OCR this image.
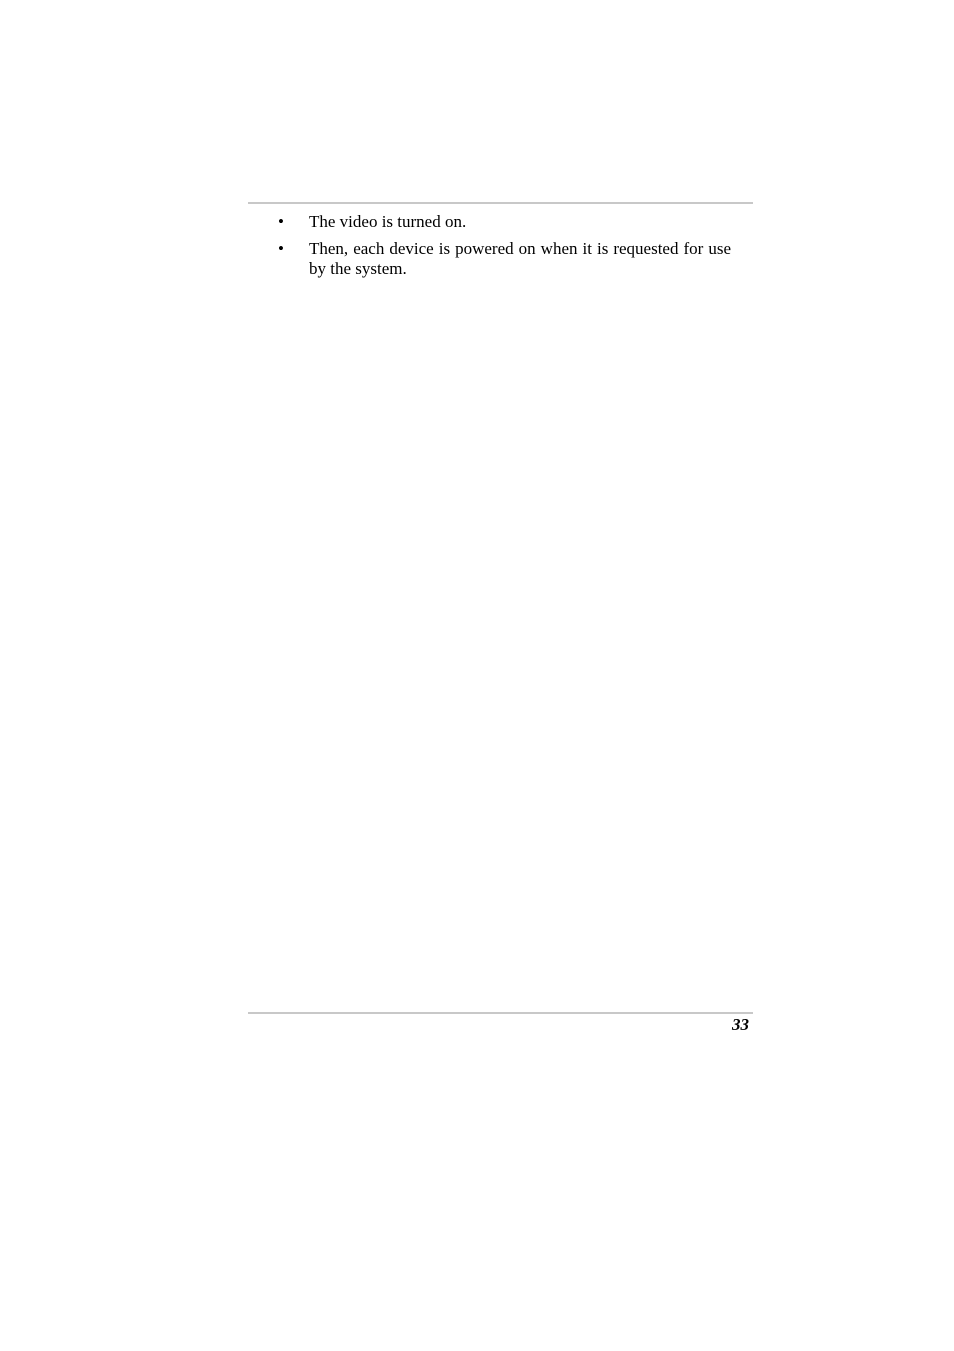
• The video is turned on.
• Then, each device is powered on when it is requested for use by the system.
33
